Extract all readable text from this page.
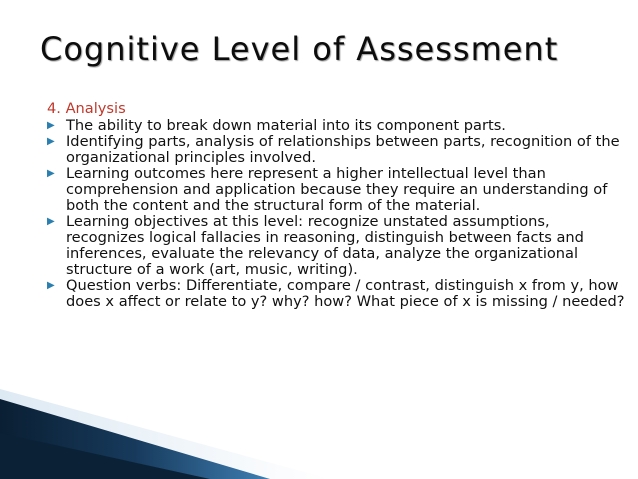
Cognitive Level of Assessment
4. Analysis
▶ The ability to break down material into its component parts.
▶ Identifying parts, analysis of relationships between parts, recognition of the organizational principles involved.
▶ Learning outcomes here represent a higher intellectual level than comprehension and application because they require an understanding of both the content and the structural form of the material.
▶ Learning objectives at this level: recognize unstated assumptions, recognizes logical fallacies in reasoning, distinguish between facts and inferences, evaluate the relevancy of data, analyze the organizational structure of a work (art, music, writing).
▶ Question verbs: Differentiate, compare / contrast, distinguish x from y, how does x affect or relate to y? why? how? What piece of x is missing / needed?
